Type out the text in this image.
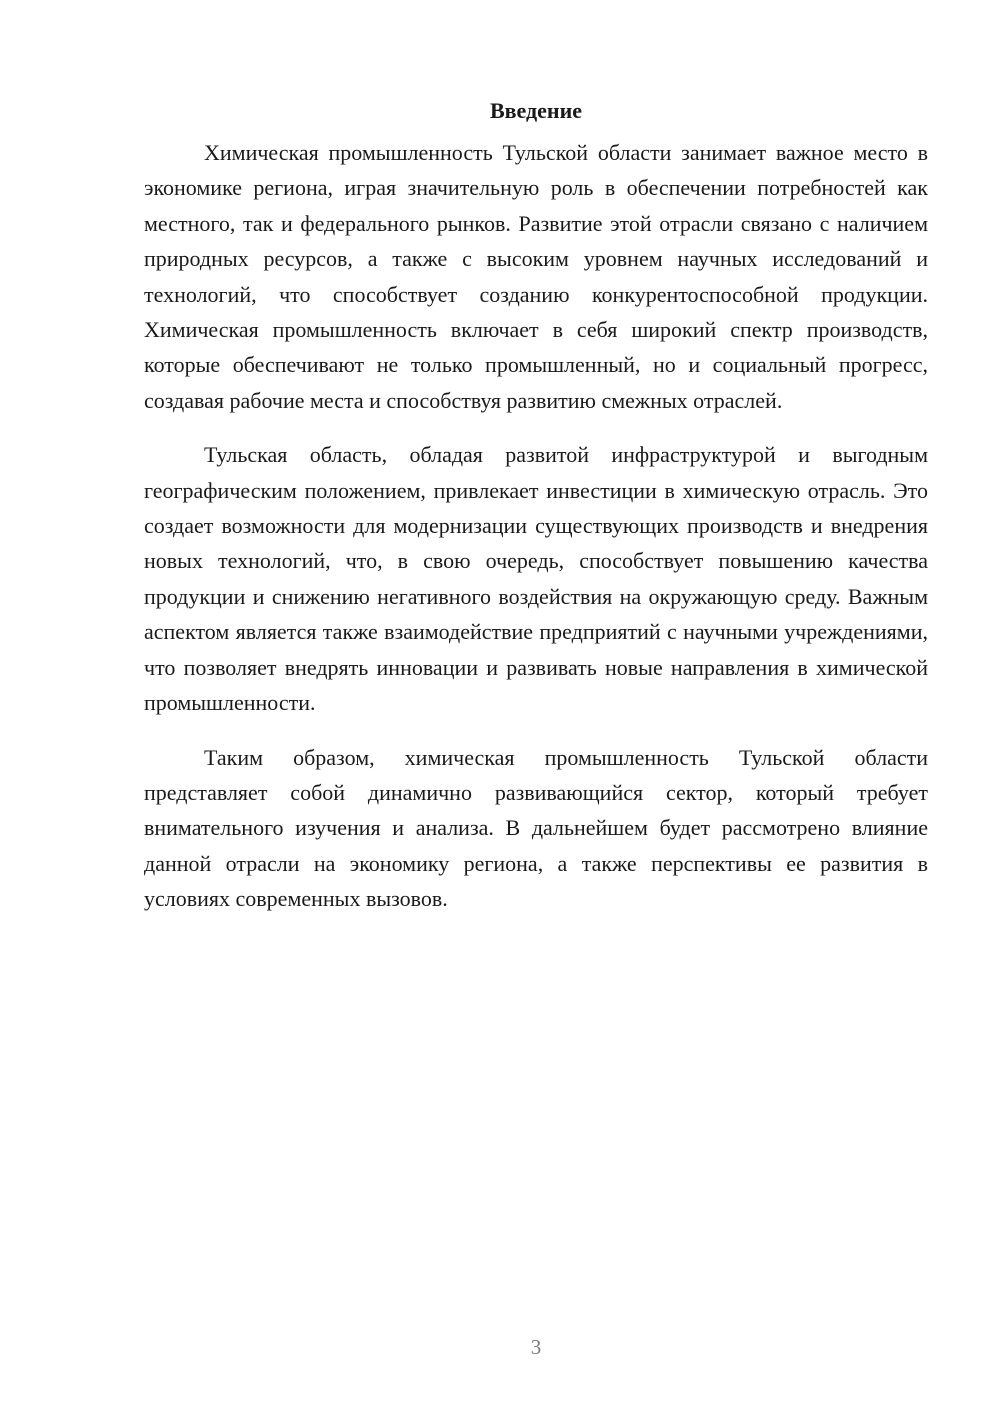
Введение

Химическая промышленность Тульской области занимает важное место в экономике региона, играя значительную роль в обеспечении потребностей как местного, так и федерального рынков. Развитие этой отрасли связано с наличием природных ресурсов, а также с высоким уровнем научных исследований и технологий, что способствует созданию конкурентоспособной продукции. Химическая промышленность включает в себя широкий спектр производств, которые обеспечивают не только промышленный, но и социальный прогресс, создавая рабочие места и способствуя развитию смежных отраслей.

Тульская область, обладая развитой инфраструктурой и выгодным географическим положением, привлекает инвестиции в химическую отрасль. Это создает возможности для модернизации существующих производств и внедрения новых технологий, что, в свою очередь, способствует повышению качества продукции и снижению негативного воздействия на окружающую среду. Важным аспектом является также взаимодействие предприятий с научными учреждениями, что позволяет внедрять инновации и развивать новые направления в химической промышленности.

Таким образом, химическая промышленность Тульской области представляет собой динамично развивающийся сектор, который требует внимательного изучения и анализа. В дальнейшем будет рассмотрено влияние данной отрасли на экономику региона, а также перспективы ее развития в условиях современных вызовов.

3
